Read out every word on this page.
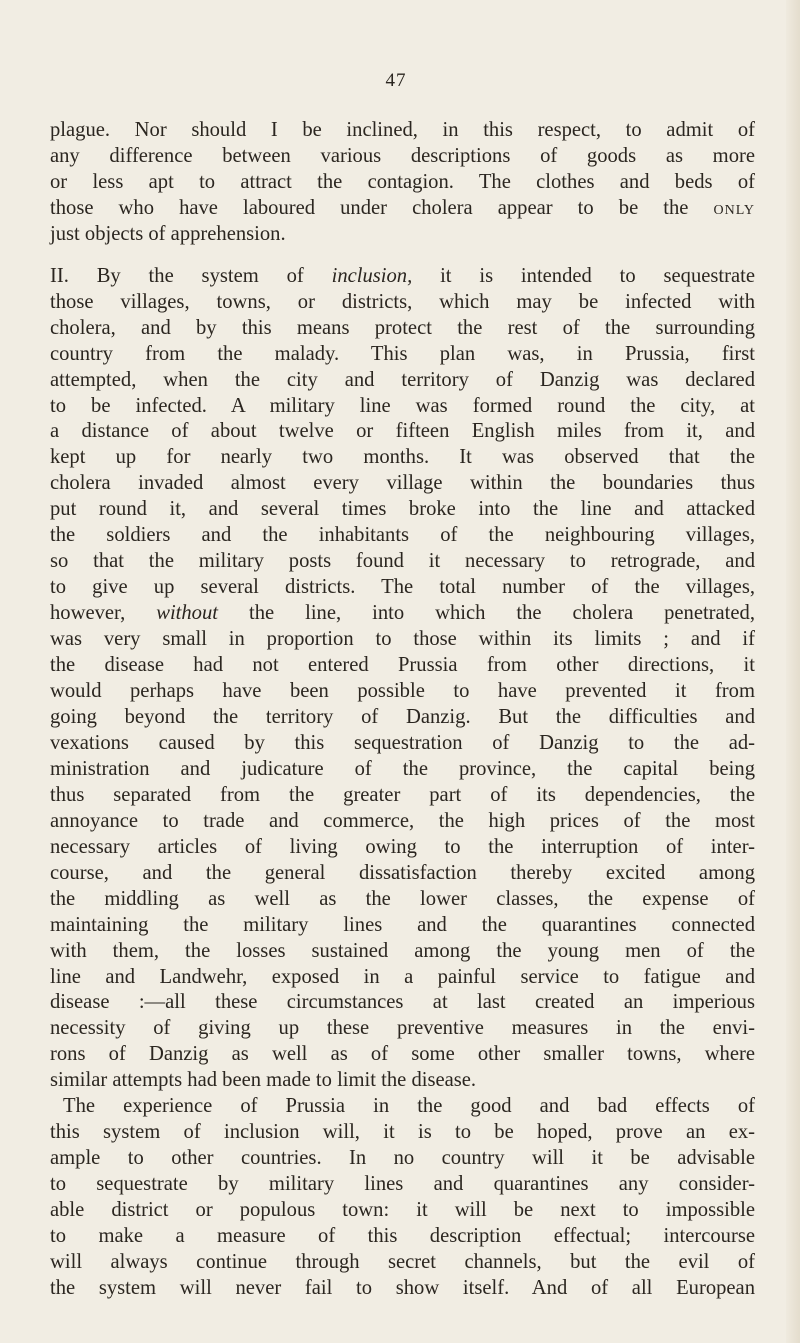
47
plague. Nor should I be inclined, in this respect, to admit of
any difference between various descriptions of goods as more
or less apt to attract the contagion. The clothes and beds of
those who have laboured under cholera appear to be the only
just objects of apprehension.
II. By the system of inclusion, it is intended to sequestrate
those villages, towns, or districts, which may be infected with
cholera, and by this means protect the rest of the surrounding
country from the malady. This plan was, in Prussia, first
attempted, when the city and territory of Danzig was declared
to be infected. A military line was formed round the city, at
a distance of about twelve or fifteen English miles from it, and
kept up for nearly two months. It was observed that the
cholera invaded almost every village within the boundaries thus
put round it, and several times broke into the line and attacked
the soldiers and the inhabitants of the neighbouring villages,
so that the military posts found it necessary to retrograde, and
to give up several districts. The total number of the villages,
however, without the line, into which the cholera penetrated,
was very small in proportion to those within its limits ; and if
the disease had not entered Prussia from other directions, it
would perhaps have been possible to have prevented it from
going beyond the territory of Danzig. But the difficulties and
vexations caused by this sequestration of Danzig to the ad-
ministration and judicature of the province, the capital being
thus separated from the greater part of its dependencies, the
annoyance to trade and commerce, the high prices of the most
necessary articles of living owing to the interruption of inter-
course, and the general dissatisfaction thereby excited among
the middling as well as the lower classes, the expense of
maintaining the military lines and the quarantines connected
with them, the losses sustained among the young men of the
line and Landwehr, exposed in a painful service to fatigue and
disease :—all these circumstances at last created an imperious
necessity of giving up these preventive measures in the envi-
rons of Danzig as well as of some other smaller towns, where
similar attempts had been made to limit the disease.
The experience of Prussia in the good and bad effects of
this system of inclusion will, it is to be hoped, prove an ex-
ample to other countries. In no country will it be advisable
to sequestrate by military lines and quarantines any consider-
able district or populous town: it will be next to impossible
to make a measure of this description effectual; intercourse
will always continue through secret channels, but the evil of
the system will never fail to show itself. And of all European
